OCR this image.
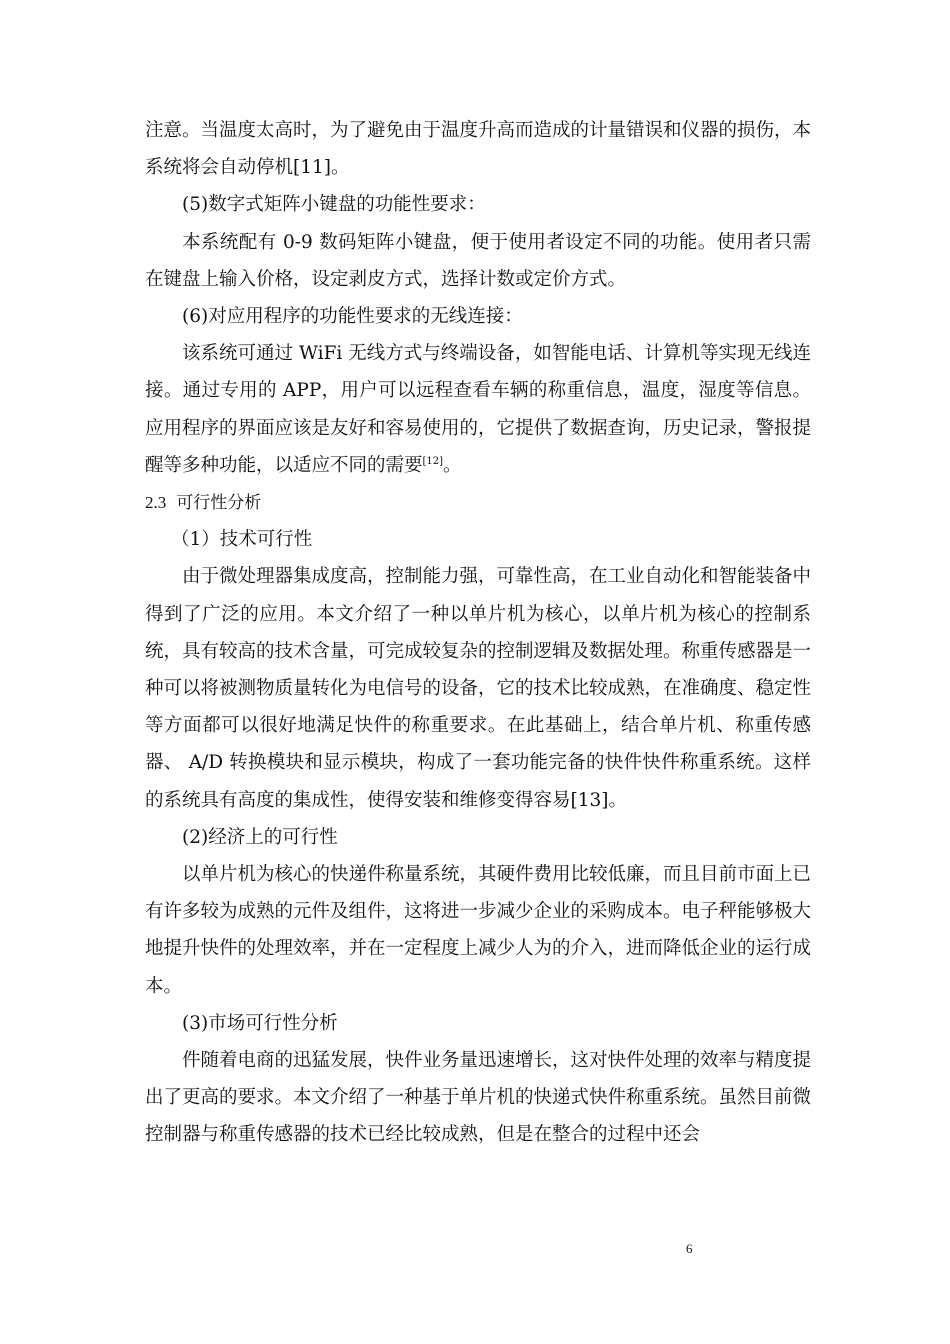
注意。当温度太高时，为了避免由于温度升高而造成的计量错误和仪器的损伤，本系统将会自动停机[11]。

(5)数字式矩阵小键盘的功能性要求：

本系统配有 0-9 数码矩阵小键盘，便于使用者设定不同的功能。使用者只需在键盘上输入价格，设定剥皮方式，选择计数或定价方式。

(6)对应用程序的功能性要求的无线连接：

该系统可通过 WiFi 无线方式与终端设备，如智能电话、计算机等实现无线连接。通过专用的 APP，用户可以远程查看车辆的称重信息，温度，湿度等信息。应用程序的界面应该是友好和容易使用的，它提供了数据查询，历史记录，警报提醒等多种功能，以适应不同的需要[12]。

2.3 可行性分析

（1）技术可行性

由于微处理器集成度高，控制能力强，可靠性高，在工业自动化和智能装备中得到了广泛的应用。本文介绍了一种以单片机为核心，以单片机为核心的控制系统，具有较高的技术含量，可完成较复杂的控制逻辑及数据处理。称重传感器是一种可以将被测物质量转化为电信号的设备，它的技术比较成熟，在准确度、稳定性等方面都可以很好地满足快件的称重要求。在此基础上，结合单片机、称重传感器、 A/D 转换模块和显示模块，构成了一套功能完备的快件快件称重系统。这样的系统具有高度的集成性，使得安装和维修变得容易[13]。

(2)经济上的可行性

以单片机为核心的快递件称量系统，其硬件费用比较低廉，而且目前市面上已有许多较为成熟的元件及组件，这将进一步减少企业的采购成本。电子秤能够极大地提升快件的处理效率，并在一定程度上减少人为的介入，进而降低企业的运行成本。

(3)市场可行性分析

件随着电商的迅猛发展，快件业务量迅速增长，这对快件处理的效率与精度提出了更高的要求。本文介绍了一种基于单片机的快递式快件称重系统。虽然目前微控制器与称重传感器的技术已经比较成熟，但是在整合的过程中还会

6
